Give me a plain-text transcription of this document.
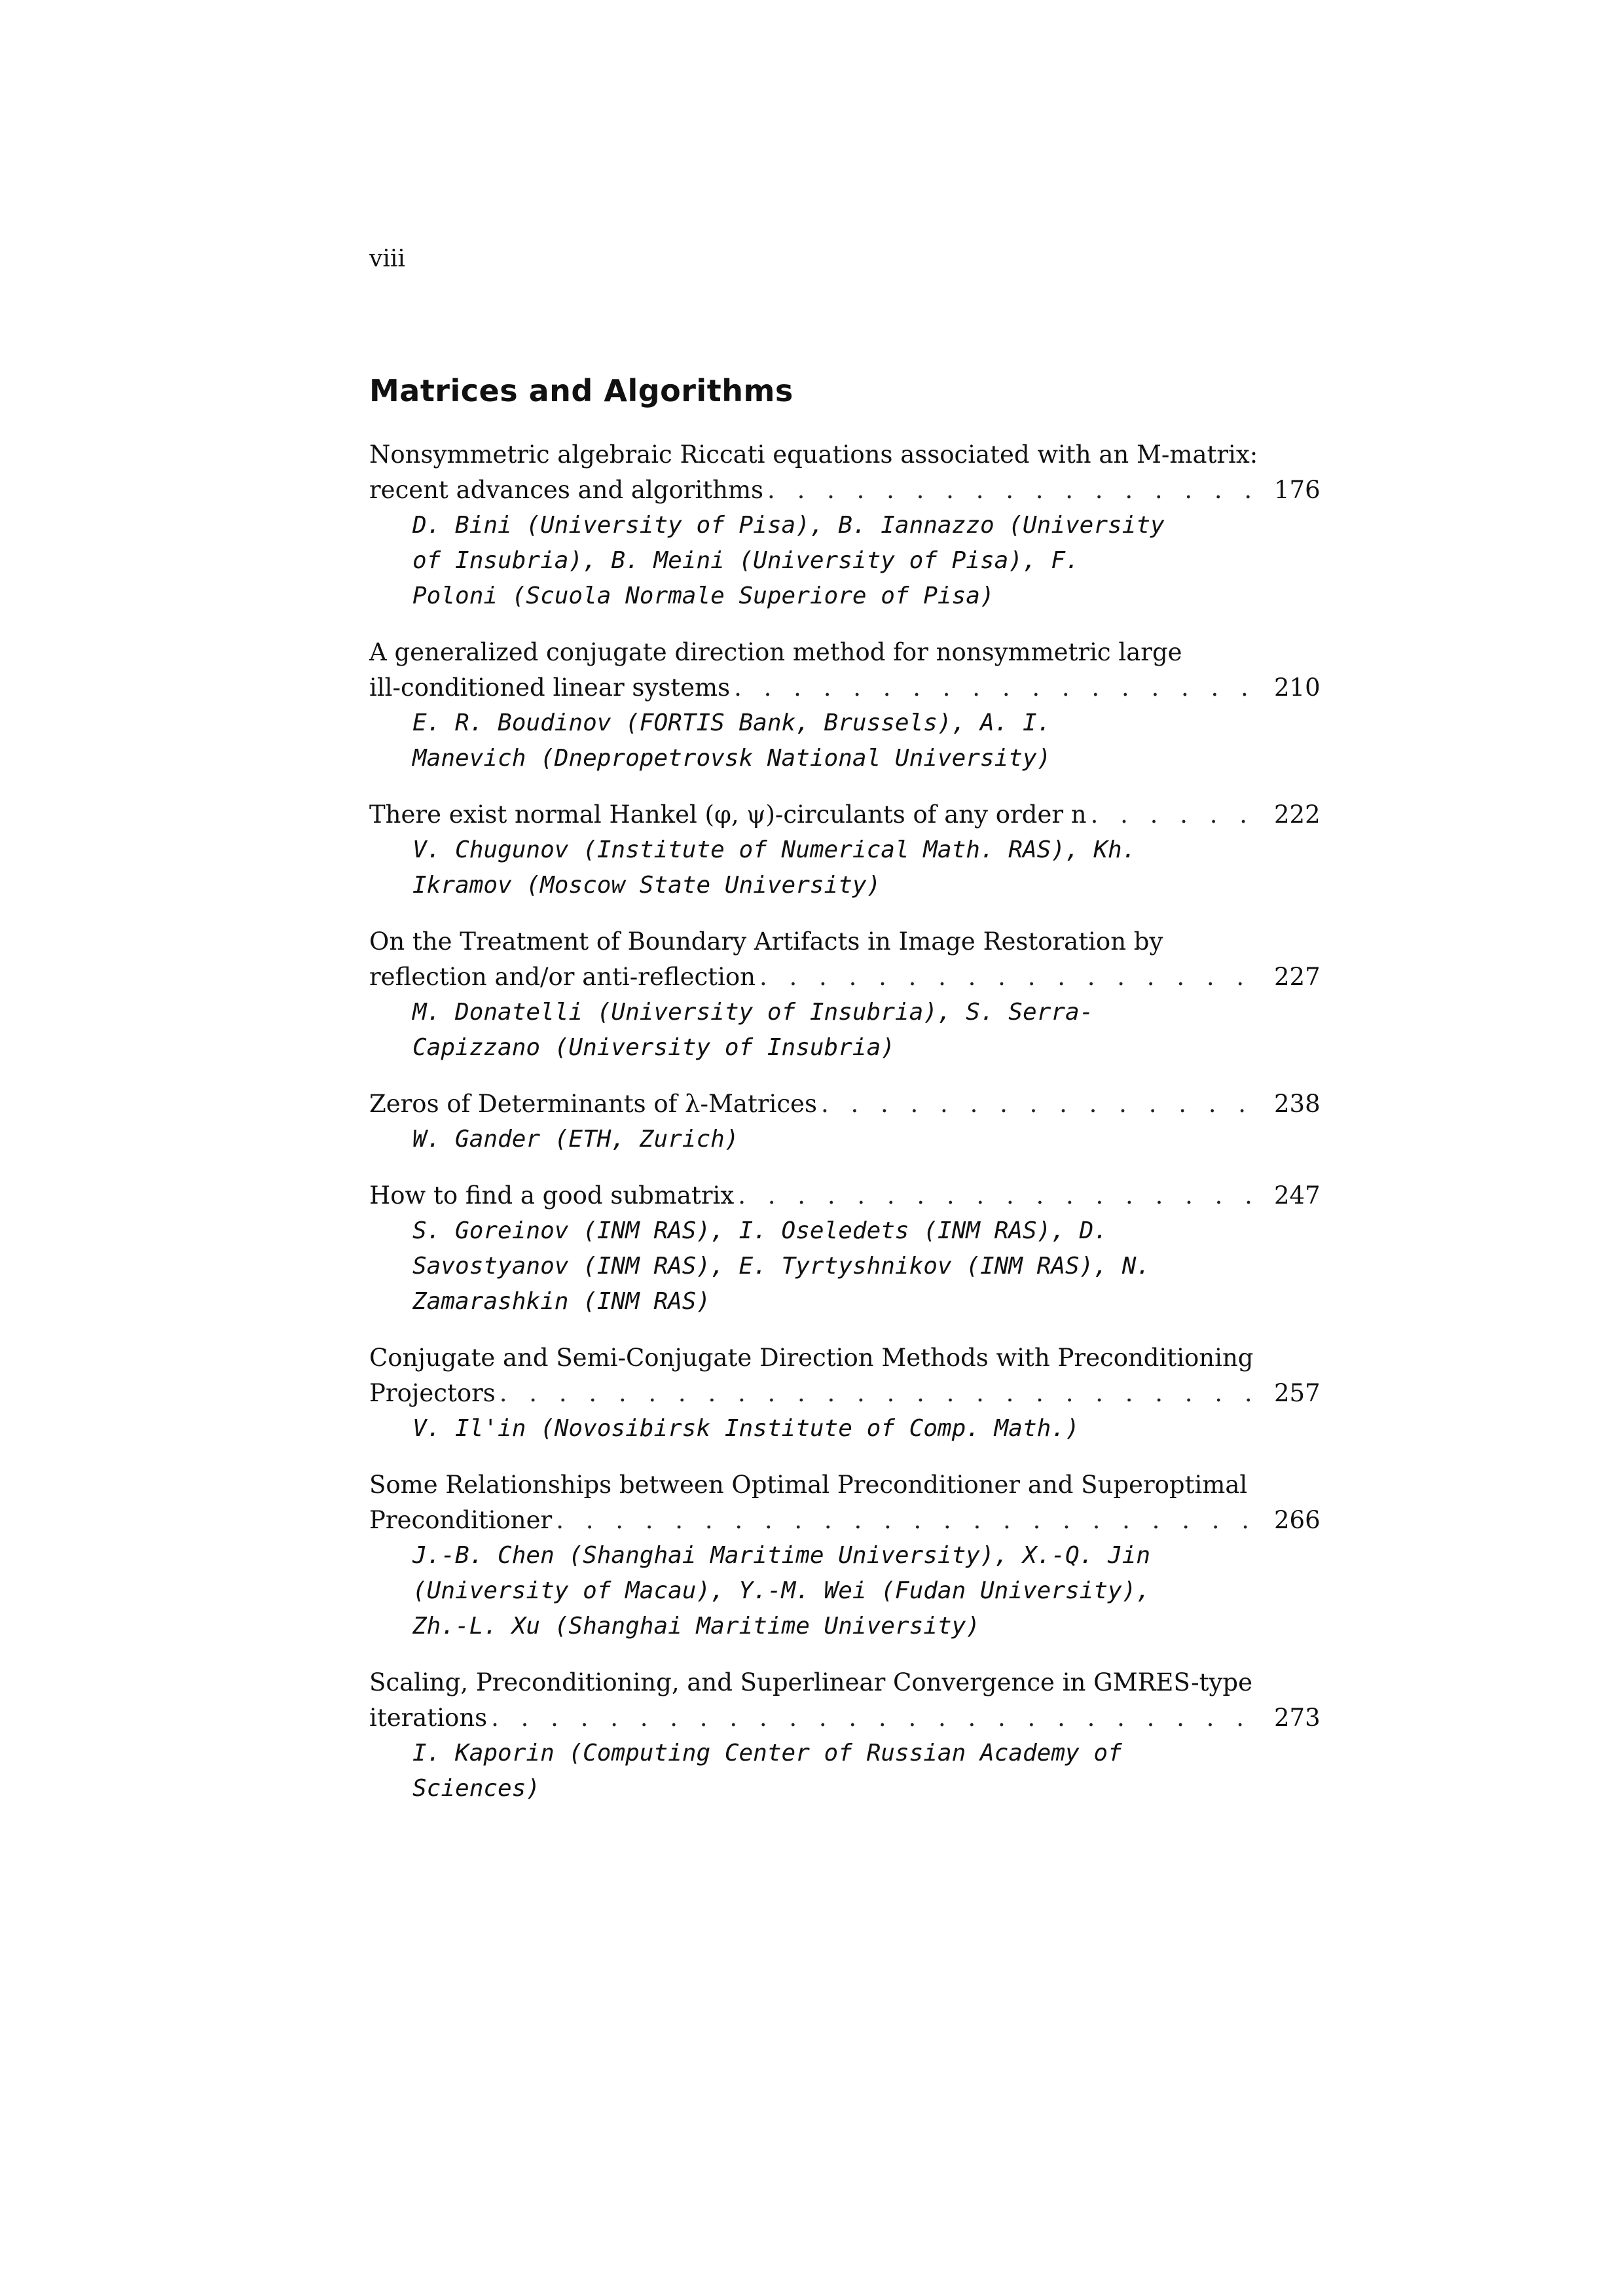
viii
Matrices and Algorithms
Nonsymmetric algebraic Riccati equations associated with an M-matrix:
recent advances and algorithms . . .	176
D. Bini (University of Pisa), B. Iannazzo (University of Insubria), B. Meini (University of Pisa), F. Poloni (Scuola Normale Superiore of Pisa)
A generalized conjugate direction method for nonsymmetric large
ill-conditioned linear systems . . .	210
E. R. Boudinov (FORTIS Bank, Brussels), A. I. Manevich (Dnepropetrovsk National University)
There exist normal Hankel (φ, ψ)-circulants of any order n . . .	222
V. Chugunov (Institute of Numerical Math. RAS), Kh. Ikramov (Moscow State University)
On the Treatment of Boundary Artifacts in Image Restoration by
reflection and/or anti-reflection . . .	227
M. Donatelli (University of Insubria), S. Serra-Capizzano (University of Insubria)
Zeros of Determinants of λ-Matrices . . .	238
W. Gander (ETH, Zurich)
How to find a good submatrix . . .	247
S. Goreinov (INM RAS), I. Oseledets (INM RAS), D. Savostyanov (INM RAS), E. Tyrtyshnikov (INM RAS), N. Zamarashkin (INM RAS)
Conjugate and Semi-Conjugate Direction Methods with Preconditioning
Projectors . . .	257
V. Il'in (Novosibirsk Institute of Comp. Math.)
Some Relationships between Optimal Preconditioner and Superoptimal
Preconditioner . . .	266
J.-B. Chen (Shanghai Maritime University), X.-Q. Jin (University of Macau), Y.-M. Wei (Fudan University), Zh.-L. Xu (Shanghai Maritime University)
Scaling, Preconditioning, and Superlinear Convergence in GMRES-type
iterations . . .	273
I. Kaporin (Computing Center of Russian Academy of Sciences)
